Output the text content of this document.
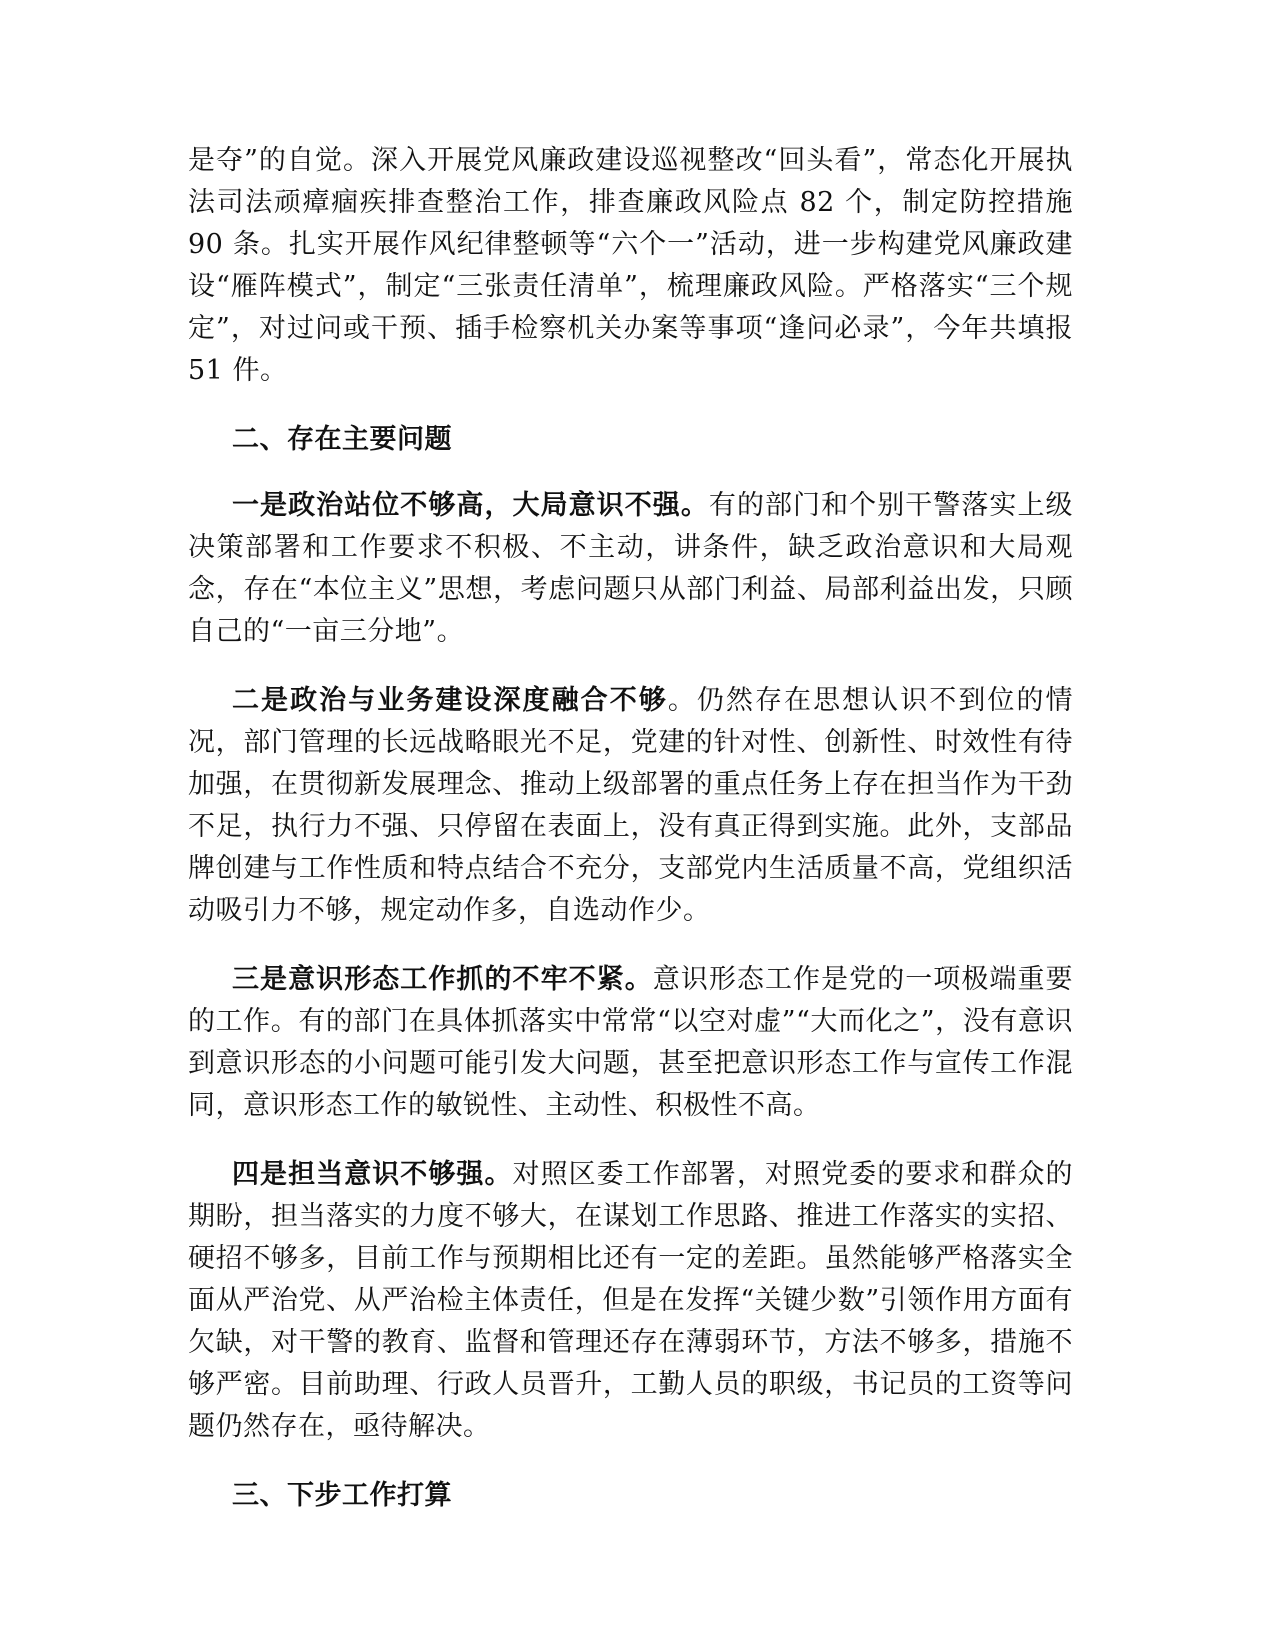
是夺”的自觉。深入开展党风廉政建设巡视整改“回头看”，常态化开展执法司法顽瘴痼疾排查整治工作，排查廉政风险点 82 个，制定防控措施 90 条。扎实开展作风纪律整顿等“六个一”活动，进一步构建党风廉政建设“雁阵模式”，制定“三张责任清单”，梳理廉政风险。严格落实“三个规定”，对过问或干预、插手检察机关办案等事项“逢问必录”，今年共填报 51 件。

二、存在主要问题

一是政治站位不够高，大局意识不强。有的部门和个别干警落实上级决策部署和工作要求不积极、不主动，讲条件，缺乏政治意识和大局观念，存在“本位主义”思想，考虑问题只从部门利益、局部利益出发，只顾自己的“一亩三分地”。

二是政治与业务建设深度融合不够。仍然存在思想认识不到位的情况，部门管理的长远战略眼光不足，党建的针对性、创新性、时效性有待加强，在贯彻新发展理念、推动上级部署的重点任务上存在担当作为干劲不足，执行力不强、只停留在表面上，没有真正得到实施。此外，支部品牌创建与工作性质和特点结合不充分，支部党内生活质量不高，党组织活动吸引力不够，规定动作多，自选动作少。

三是意识形态工作抓的不牢不紧。意识形态工作是党的一项极端重要的工作。有的部门在具体抓落实中常常“以空对虚”“大而化之”，没有意识到意识形态的小问题可能引发大问题，甚至把意识形态工作与宣传工作混同，意识形态工作的敏锐性、主动性、积极性不高。

四是担当意识不够强。对照区委工作部署，对照党委的要求和群众的期盼，担当落实的力度不够大，在谋划工作思路、推进工作落实的实招、硬招不够多，目前工作与预期相比还有一定的差距。虽然能够严格落实全面从严治党、从严治检主体责任，但是在发挥“关键少数”引领作用方面有欠缺，对干警的教育、监督和管理还存在薄弱环节，方法不够多，措施不够严密。目前助理、行政人员晋升，工勤人员的职级，书记员的工资等问题仍然存在，亟待解决。

三、下步工作打算
